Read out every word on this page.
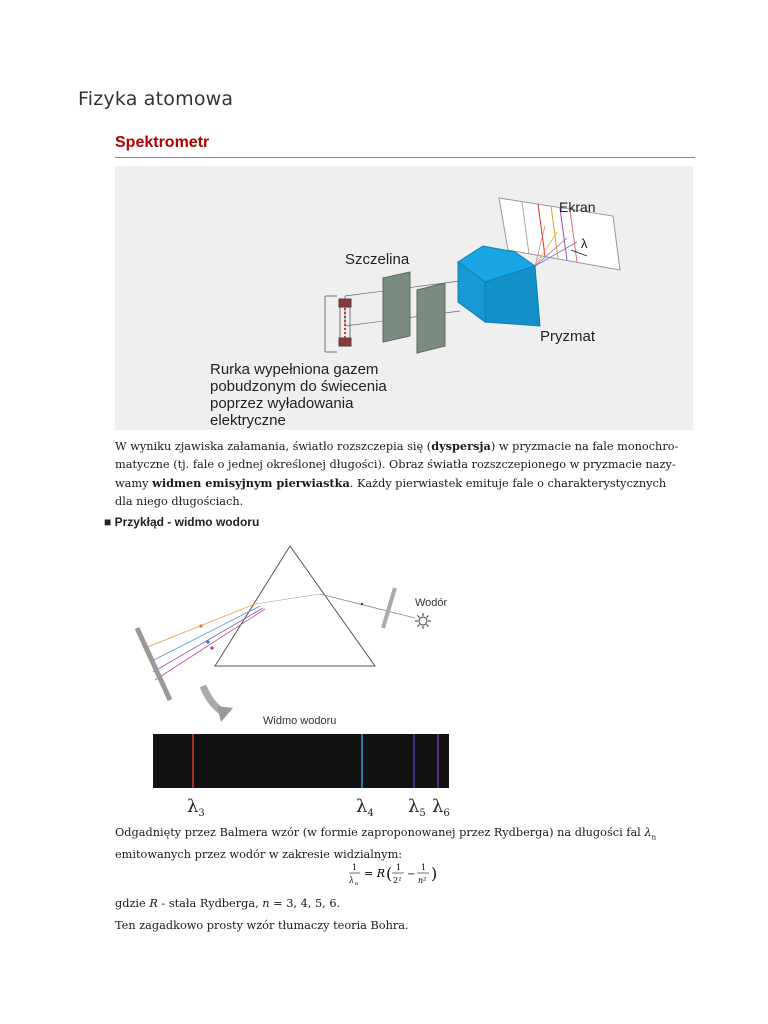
Fizyka atomowa
Spektrometr
Ekran
λ
Szczelina
Pryzmat
Rurka wypełniona gazem
pobudzonym do świecenia
poprzez wyładowania
elektryczne
W wyniku zjawiska załamania, światło rozszczepia się (dyspersja) w pryzmacie na fale monochro-
matyczne (tj. fale o jednej określonej długości). Obraz światła rozszczepionego w pryzmacie nazy-
wamy widmen emisyjnym pierwiastka. Każdy pierwiastek emituje fale o charakterystycznych
dla niego długościach.
■ Przykłąd - widmo wodoru
Wodór
Widmo wodoru
$\lambda_3$	$\lambda_4$ $\lambda_5$ $\lambda_6$
Odgadnięty przez Balmera wzór (w formie zaproponowanej przez Rydberga) na długości fal $\lambda_n$
emitowanych przez wodór w zakresie widzialnym:
1
λ n
= R ( 1
2²
−
1
n² )
gdzie R - stała Rydberga, n = 3, 4, 5, 6.
Ten zagadkowo prosty wzór tłumaczy teoria Bohra.
